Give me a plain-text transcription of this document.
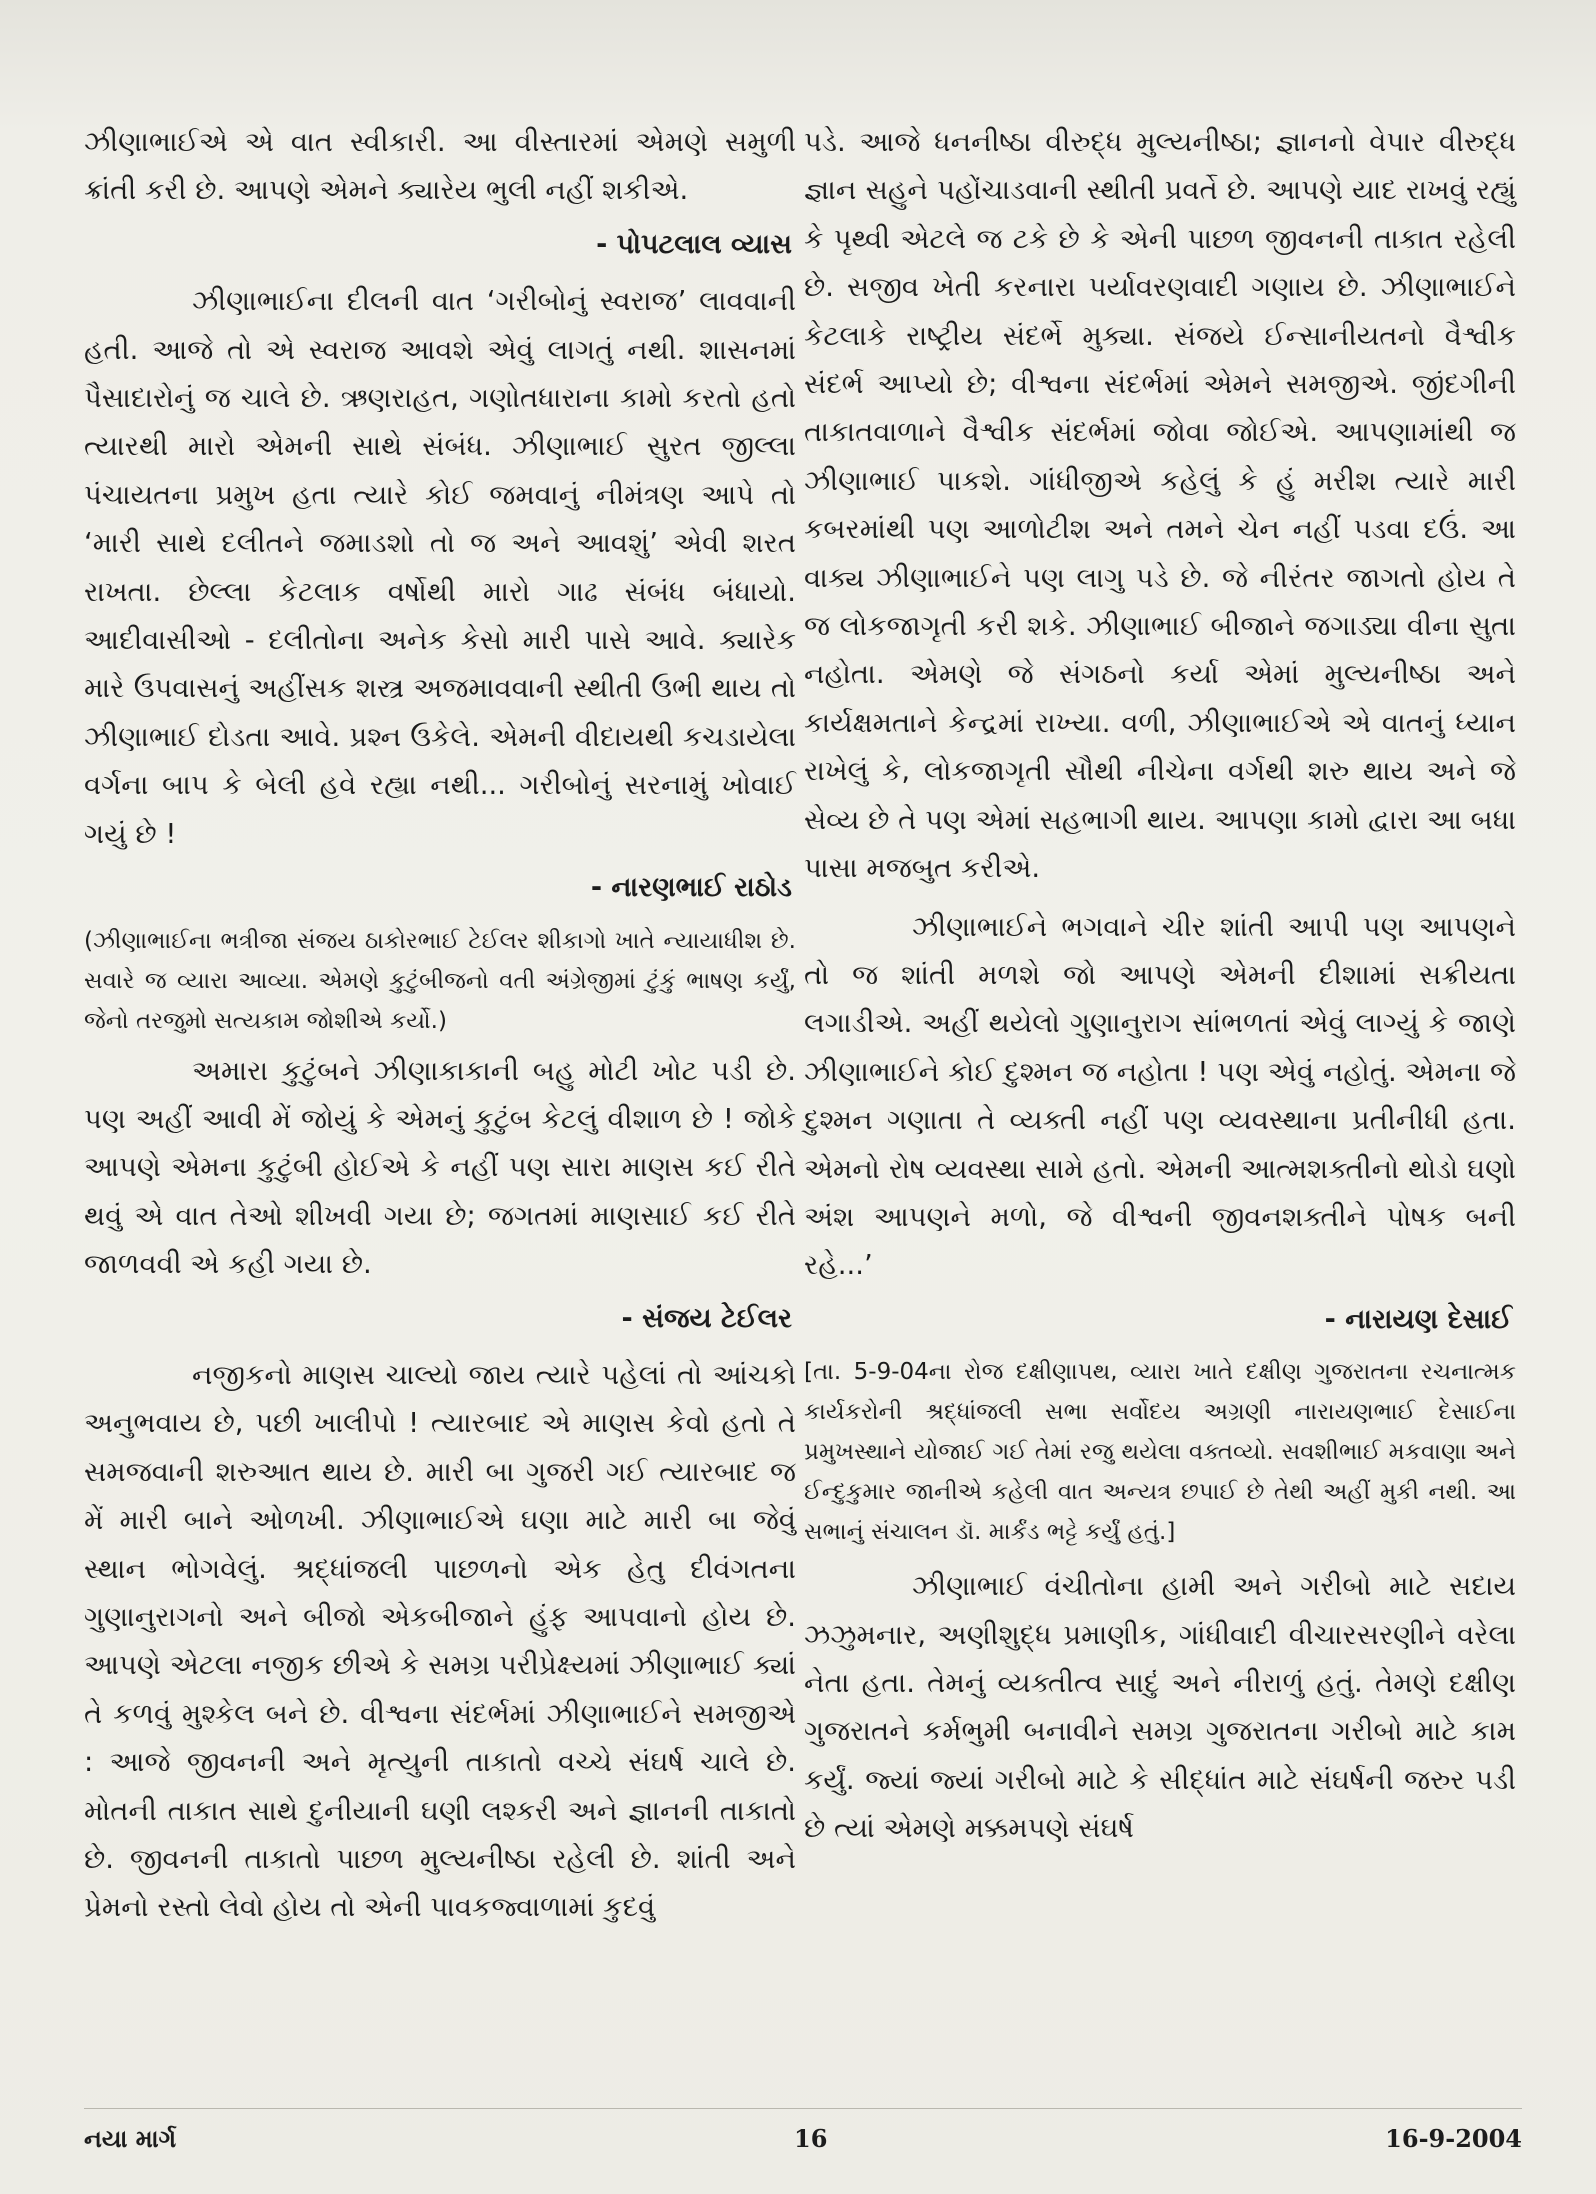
ઝીણાભાઈએ એ વાત સ્વીકારી. આ વીસ્તારમાં એમણે સમુળી ક્રાંતી કરી છે. આપણે એમને ક્યારેય ભુલી નહીં શકીએ.

- પોપટલાલ વ્યાસ

ઝીણાભાઈના દીલની વાત ‘ગરીબોનું સ્વરાજ’ લાવવાની હતી. આજે તો એ સ્વરાજ આવશે એવું લાગતું નથી. શાસનમાં પૈસાદારોનું જ ચાલે છે. ઋણરાહત, ગણોતધારાના કામો કરતો હતો ત્યારથી મારો એમની સાથે સંબંધ. ઝીણાભાઈ સુરત જીલ્લા પંચાયતના પ્રમુખ હતા ત્યારે કોઈ જમવાનું નીમંત્રણ આપે તો ‘મારી સાથે દલીતને જમાડશો તો જ અને આવશું’ એવી શરત રાખતા. છેલ્લા કેટલાક વર્ષોથી મારો ગાઢ સંબંધ બંધાયો. આદીવાસીઓ - દલીતોના અનેક કેસો મારી પાસે આવે. ક્યારેક મારે ઉપવાસનું અહીંસક શસ્ત્ર અજમાવવાની સ્થીતી ઉભી થાય તો ઝીણાભાઈ દોડતા આવે. પ્રશ્ન ઉકેલે. એમની વીદાયથી કચડાયેલા વર્ગના બાપ કે બેલી હવે રહ્યા નથી... ગરીબોનું સરનામું ખોવાઈ ગયું છે !

- નારણભાઈ રાઠોડ
(ઝીણાભાઈના ભત્રીજા સંજય ઠાકોરભાઈ ટેઈલર શીકાગો ખાતે ન્યાયાધીશ છે. સવારે જ વ્યારા આવ્યા. એમણે કુટુંબીજનો વતી અંગ્રેજીમાં ટુંકું ભાષણ કર્યું, જેનો તરજુમો સત્યકામ જોશીએ કર્યો.)

અમારા કુટુંબને ઝીણાકાકાની બહુ મોટી ખોટ પડી છે. પણ અહીં આવી મેં જોયું કે એમનું કુટુંબ કેટલું વીશાળ છે ! જોકે આપણે એમના કુટુંબી હોઈએ કે નહીં પણ સારા માણસ કઈ રીતે થવું એ વાત તેઓ શીખવી ગયા છે; જગતમાં માણસાઈ કઈ રીતે જાળવવી એ કહી ગયા છે.

- સંજય ટેઈલર

નજીકનો માણસ ચાલ્યો જાય ત્યારે પહેલાં તો આંચકો અનુભવાય છે, પછી ખાલીપો ! ત્યારબાદ એ માણસ કેવો હતો તે સમજવાની શરુઆત થાય છે. મારી બા ગુજરી ગઈ ત્યારબાદ જ મેં મારી બાને ઓળખી. ઝીણાભાઈએ ઘણા માટે મારી બા જેવું સ્થાન ભોગવેલું. શ્રદ્ધાંજલી પાછળનો એક હેતુ દીવંગતના ગુણાનુરાગનો અને બીજો એકબીજાને હુંફ આપવાનો હોય છે. આપણે એટલા નજીક છીએ કે સમગ્ર પરીપ્રેક્ષ્યમાં ઝીણાભાઈ ક્યાં તે કળવું મુશ્કેલ બને છે. વીશ્વના સંદર્ભમાં ઝીણાભાઈને સમજીએ : આજે જીવનની અને મૃત્યુની તાકાતો વચ્ચે સંઘર્ષ ચાલે છે. મોતની તાકાત સાથે દુનીયાની ઘણી લશ્કરી અને જ્ઞાનની તાકાતો છે. જીવનની તાકાતો પાછળ મુલ્યનીષ્ઠા રહેલી છે. શાંતી અને પ્રેમનો રસ્તો લેવો હોય તો એની પાવકજ્વાળામાં કુદવું

પડે. આજે ધનનીષ્ઠા વીરુદ્ધ મુલ્યનીષ્ઠા; જ્ઞાનનો વેપાર વીરુદ્ધ જ્ઞાન સહુને પહોંચાડવાની સ્થીતી પ્રવર્તે છે. આપણે યાદ રાખવું રહ્યું કે પૃથ્વી એટલે જ ટકે છે કે એની પાછળ જીવનની તાકાત રહેલી છે. સજીવ ખેતી કરનારા પર્યાવરણવાદી ગણાય છે. ઝીણાભાઈને કેટલાકે રાષ્ટ્રીય સંદર્ભે મુક્યા. સંજયે ઈન્સાનીયતનો વૈશ્વીક સંદર્ભ આપ્યો છે; વીશ્વના સંદર્ભમાં એમને સમજીએ. જીંદગીની તાકાતવાળાને વૈશ્વીક સંદર્ભમાં જોવા જોઈએ. આપણામાંથી જ ઝીણાભાઈ પાકશે. ગાંધીજીએ કહેલું કે હું મરીશ ત્યારે મારી કબરમાંથી પણ આળોટીશ અને તમને ચેન નહીં પડવા દઉં. આ વાક્ય ઝીણાભાઈને પણ લાગુ પડે છે. જે નીરંતર જાગતો હોય તે જ લોકજાગૃતી કરી શકે. ઝીણાભાઈ બીજાને જગાડ્યા વીના સુતા નહોતા. એમણે જે સંગઠનો કર્યા એમાં મુલ્યનીષ્ઠા અને કાર્યક્ષમતાને કેન્દ્રમાં રાખ્યા. વળી, ઝીણાભાઈએ એ વાતનું ધ્યાન રાખેલું કે, લોકજાગૃતી સૌથી નીચેના વર્ગથી શરુ થાય અને જે સેવ્ય છે તે પણ એમાં સહભાગી થાય. આપણા કામો દ્વારા આ બધા પાસા મજબુત કરીએ.

ઝીણાભાઈને ભગવાને ચીર શાંતી આપી પણ આપણને તો જ શાંતી મળશે જો આપણે એમની દીશામાં સક્રીયતા લગાડીએ. અહીં થયેલો ગુણાનુરાગ સાંભળતાં એવું લાગ્યું કે જાણે ઝીણાભાઈને કોઈ દુશ્મન જ નહોતા ! પણ એવું નહોતું. એમના જે દુશ્મન ગણાતા તે વ્યક્તી નહીં પણ વ્યવસ્થાના પ્રતીનીધી હતા. એમનો રોષ વ્યવસ્થા સામે હતો. એમની આત્મશક્તીનો થોડો ઘણો અંશ આપણને મળો, જે વીશ્વની જીવનશક્તીને પોષક બની રહે...’

- નારાયણ દેસાઈ
[તા. 5-9-04ના રોજ દક્ષીણાપથ, વ્યારા ખાતે દક્ષીણ ગુજરાતના રચનાત્મક કાર્યકરોની શ્રદ્ધાંજલી સભા સર્વોદય અગ્રણી નારાયણભાઈ દેસાઈના પ્રમુખસ્થાને યોજાઈ ગઈ તેમાં રજુ થયેલા વક્તવ્યો. સવશીભાઈ મકવાણા અને ઈન્દુકુમાર જાનીએ કહેલી વાત અન્યત્ર છપાઈ છે તેથી અહીં મુકી નથી. આ સભાનું સંચાલન ડૉ. માર્કંડ ભટ્ટે કર્યું હતું.]

ઝીણાભાઈ વંચીતોના હામી અને ગરીબો માટે સદાય ઝઝુમનાર, અણીશુદ્ધ પ્રમાણીક, ગાંધીવાદી વીચારસરણીને વરેલા નેતા હતા. તેમનું વ્યક્તીત્વ સાદું અને નીરાળું હતું. તેમણે દક્ષીણ ગુજરાતને કર્મભુમી બનાવીને સમગ્ર ગુજરાતના ગરીબો માટે કામ કર્યું. જ્યાં જ્યાં ગરીબો માટે કે સીદ્ધાંત માટે સંઘર્ષની જરુર પડી છે ત્યાં એમણે મક્કમપણે સંઘર્ષ

નયા માર્ગ	16	16-9-2004
